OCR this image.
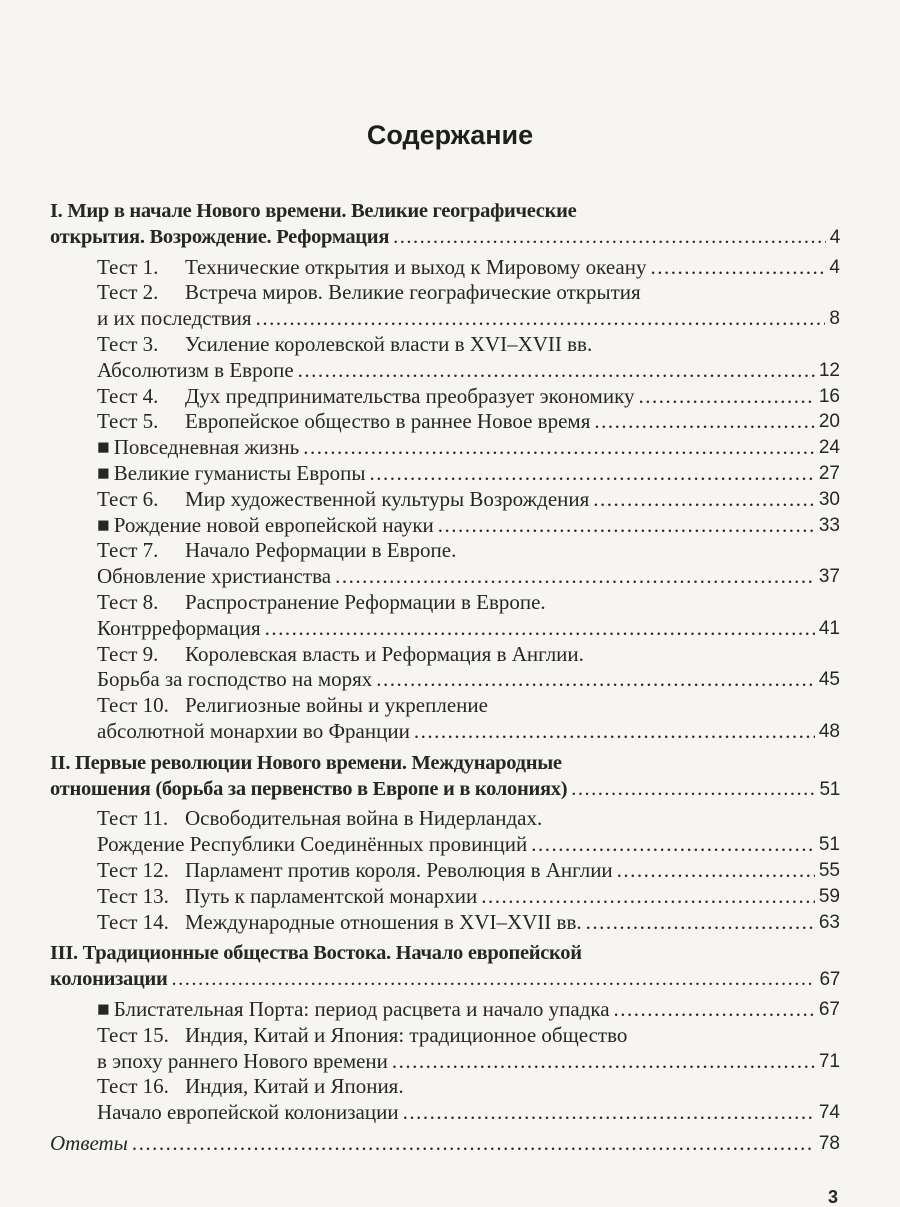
Содержание
I. Мир в начале Нового времени. Великие географические
открытия. Возрождение. Реформация .....	4
Тест 1.	Технические открытия и выход к Мировому океану .....	4
Тест 2.	Встреча миров. Великие географические открытия
и их последствия .....	8
Тест 3.	Усиление королевской власти в XVI–XVII вв.
Абсолютизм в Европе .....	12
Тест 4.	Дух предпринимательства преобразует экономику .....	16
Тест 5.	Европейское общество в раннее Новое время .....	20
■ Повседневная жизнь .....	24
■ Великие гуманисты Европы .....	27
Тест 6.	Мир художественной культуры Возрождения .....	30
■ Рождение новой европейской науки .....	33
Тест 7.	Начало Реформации в Европе.
Обновление христианства .....	37
Тест 8.	Распространение Реформации в Европе.
Контрреформация .....	41
Тест 9.	Королевская власть и Реформация в Англии.
Борьба за господство на морях .....	45
Тест 10. Религиозные войны и укрепление
абсолютной монархии во Франции .....	48
II. Первые революции Нового времени. Международные
отношения (борьба за первенство в Европе и в колониях) .....	51
Тест 11. Освободительная война в Нидерландах.
Рождение Республики Соединённых провинций .....	51
Тест 12. Парламент против короля. Революция в Англии .....	55
Тест 13. Путь к парламентской монархии .....	59
Тест 14. Международные отношения в XVI–XVII вв. .....	63
III. Традиционные общества Востока. Начало европейской
колонизации .....	67
■ Блистательная Порта: период расцвета и начало упадка .....	67
Тест 15. Индия, Китай и Япония: традиционное общество
в эпоху раннего Нового времени .....	71
Тест 16. Индия, Китай и Япония.
Начало европейской колонизации .....	74
Ответы .....	78
3
